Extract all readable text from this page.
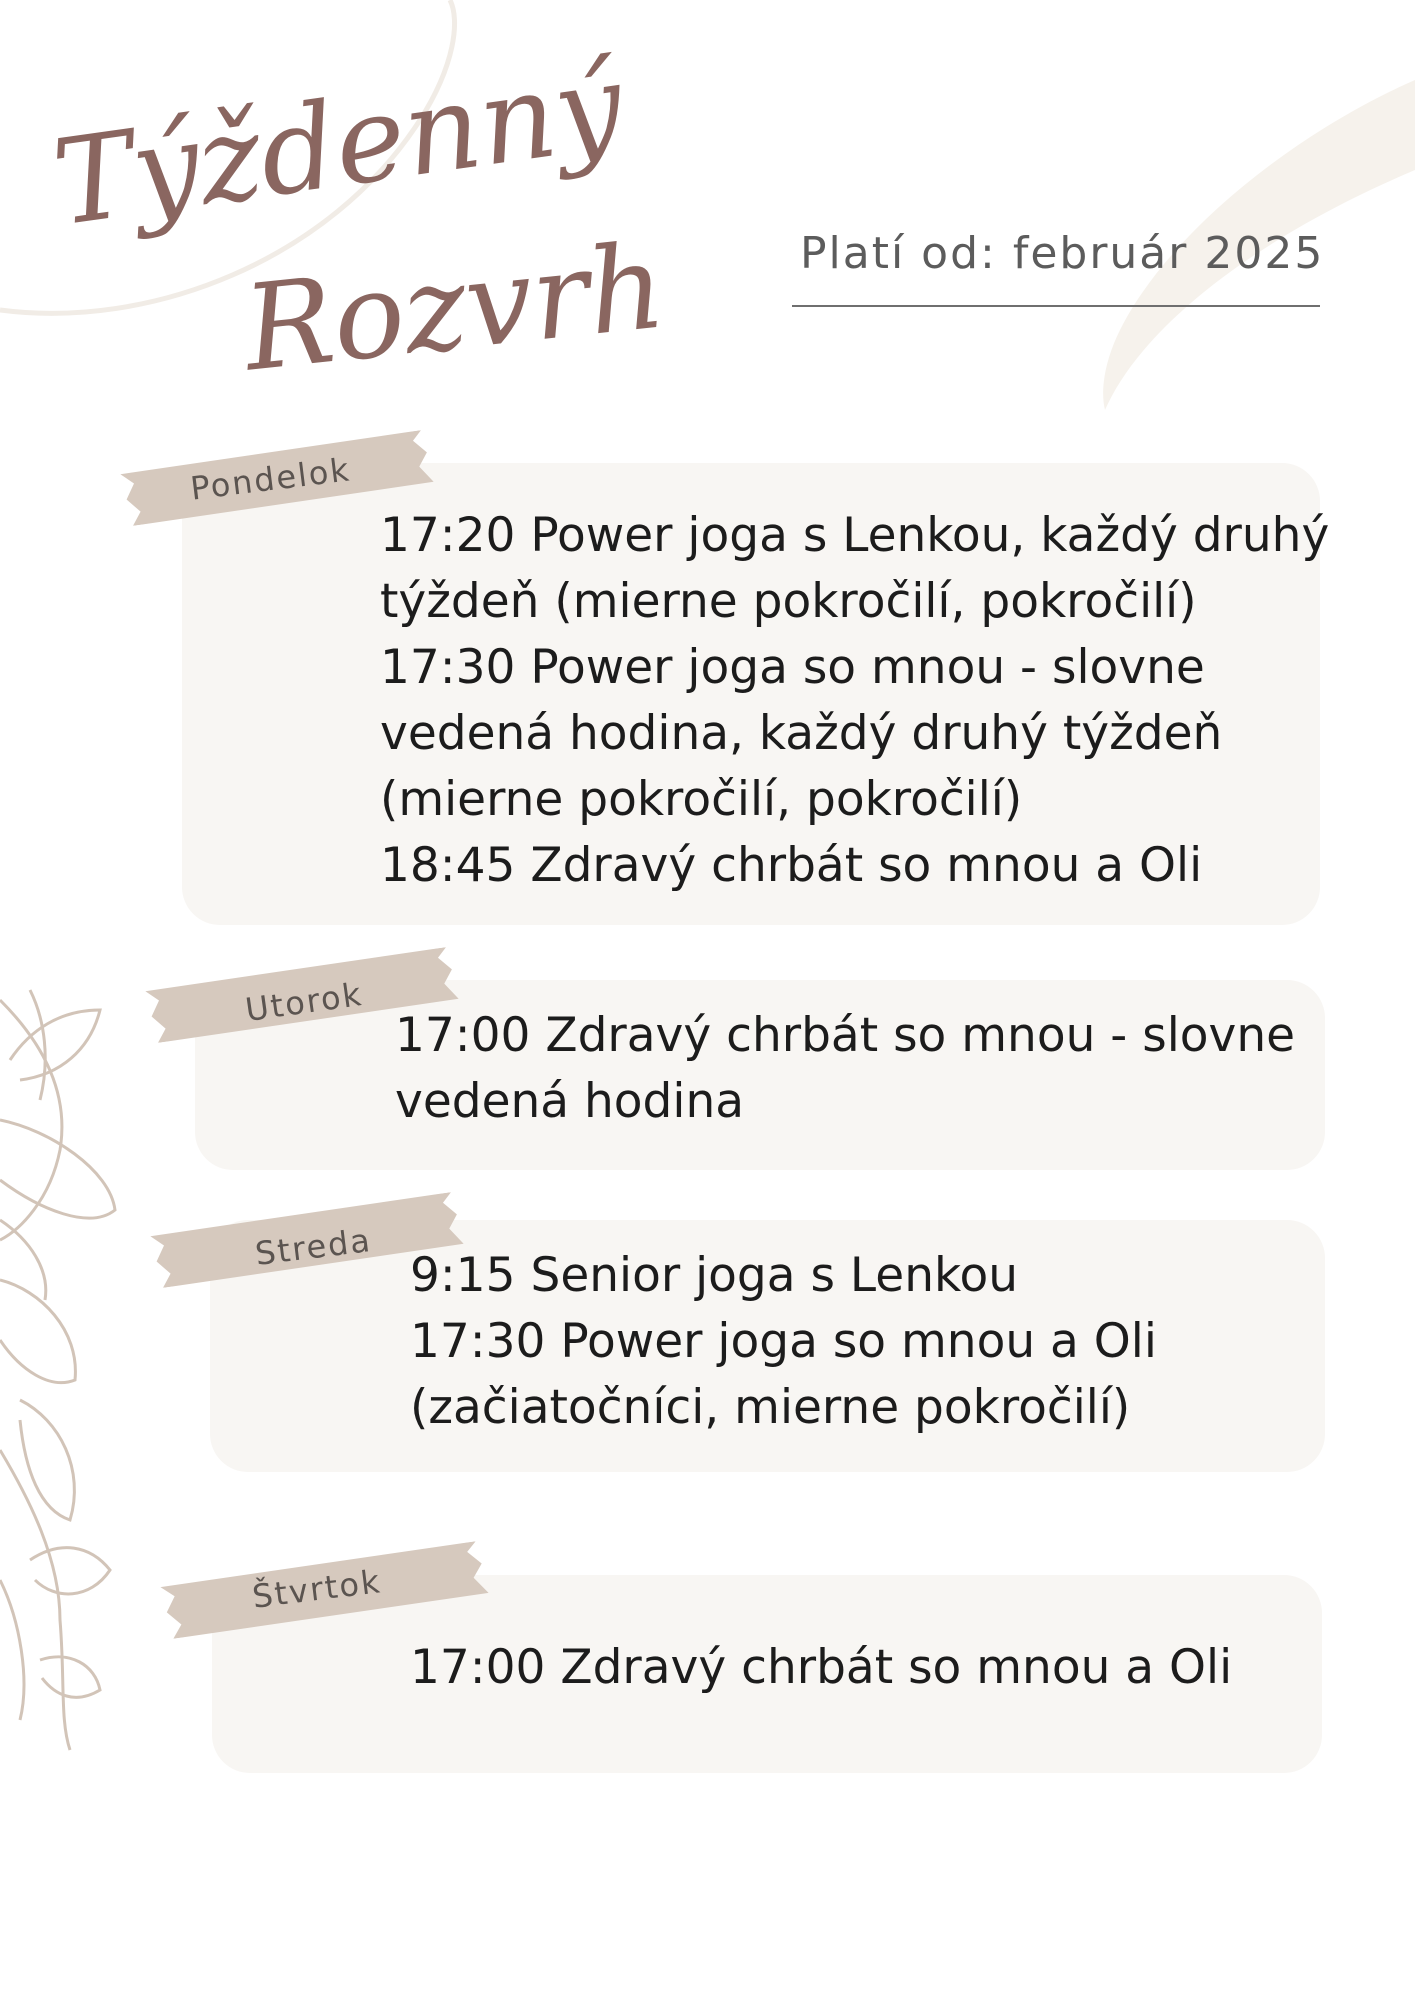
Týždenný
Rozvrh	Platí od: február 2025
Pondelok
17:20 Power joga s Lenkou, každý druhý
týždeň (mierne pokročilí, pokročilí)
17:30 Power joga so mnou - slovne
vedená hodina, každý druhý týždeň
(mierne pokročilí, pokročilí)
18:45 Zdravý chrbát so mnou a Oli
Utorok
17:00 Zdravý chrbát so mnou - slovne
vedená hodina
Streda
9:15 Senior joga s Lenkou
17:30 Power joga so mnou a Oli
(začiatočníci, mierne pokročilí)
Štvrtok
17:00 Zdravý chrbát so mnou a Oli
